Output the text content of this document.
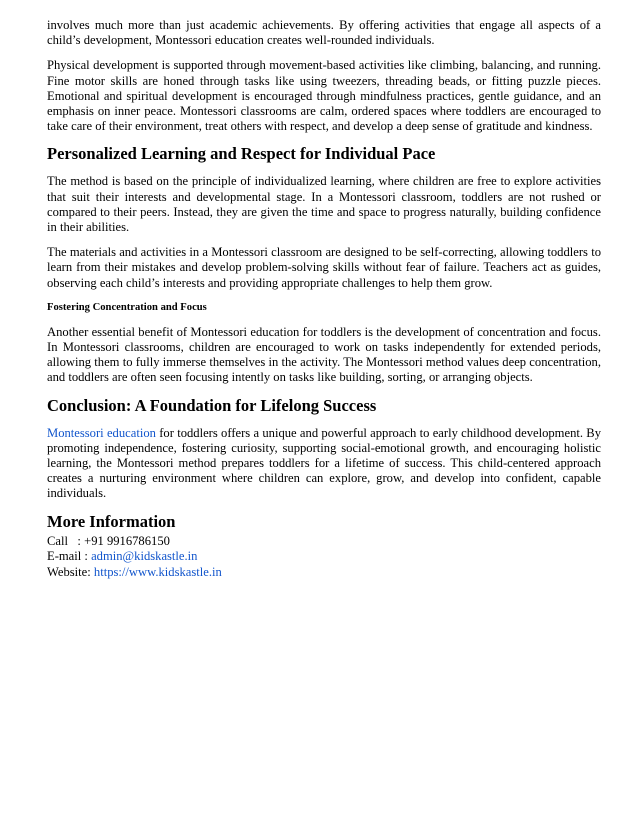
involves much more than just academic achievements. By offering activities that engage all aspects of a child’s development, Montessori education creates well-rounded individuals.

Physical development is supported through movement-based activities like climbing, balancing, and running. Fine motor skills are honed through tasks like using tweezers, threading beads, or fitting puzzle pieces. Emotional and spiritual development is encouraged through mindfulness practices, gentle guidance, and an emphasis on inner peace. Montessori classrooms are calm, ordered spaces where toddlers are encouraged to take care of their environment, treat others with respect, and develop a deep sense of gratitude and kindness.

Personalized Learning and Respect for Individual Pace

The method is based on the principle of individualized learning, where children are free to explore activities that suit their interests and developmental stage. In a Montessori classroom, toddlers are not rushed or compared to their peers. Instead, they are given the time and space to progress naturally, building confidence in their abilities.

The materials and activities in a Montessori classroom are designed to be self-correcting, allowing toddlers to learn from their mistakes and develop problem-solving skills without fear of failure. Teachers act as guides, observing each child’s interests and providing appropriate challenges to help them grow.

Fostering Concentration and Focus

Another essential benefit of Montessori education for toddlers is the development of concentration and focus. In Montessori classrooms, children are encouraged to work on tasks independently for extended periods, allowing them to fully immerse themselves in the activity. The Montessori method values deep concentration, and toddlers are often seen focusing intently on tasks like building, sorting, or arranging objects.

Conclusion: A Foundation for Lifelong Success

Montessori education for toddlers offers a unique and powerful approach to early childhood development. By promoting independence, fostering curiosity, supporting social-emotional growth, and encouraging holistic learning, the Montessori method prepares toddlers for a lifetime of success. This child-centered approach creates a nurturing environment where children can explore, grow, and develop into confident, capable individuals.

More Information
Call   : +91 9916786150
E-mail : admin@kidskastle.in
Website: https://www.kidskastle.in
